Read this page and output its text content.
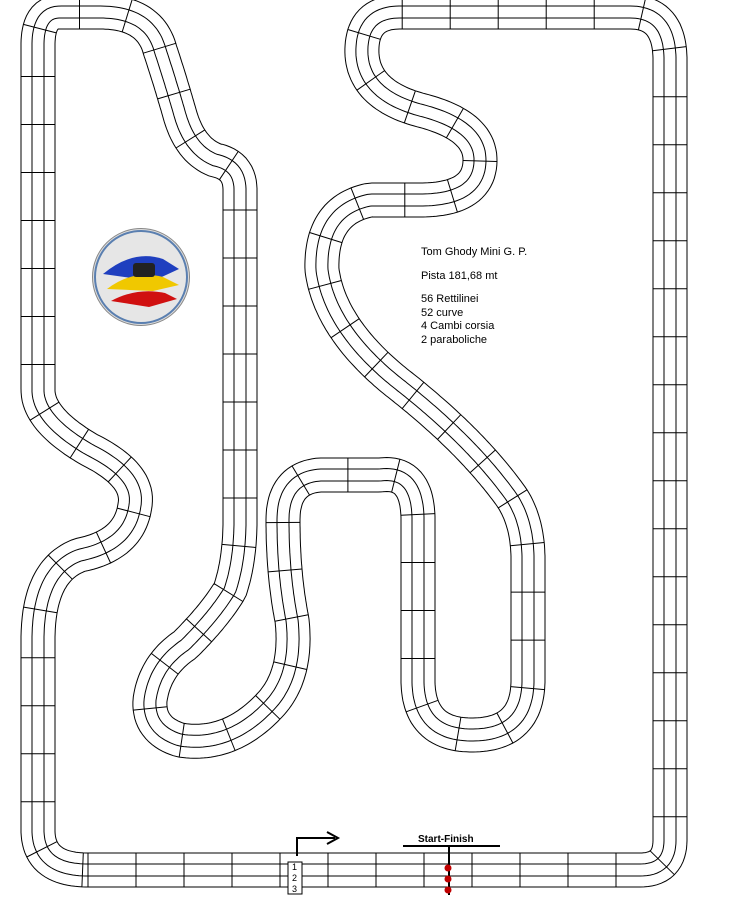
Tom Ghody Mini G. P.
Pista 181,68 mt
56 Rettilinei
52 curve
4 Cambi corsia
2 paraboliche
Start-Finish
1
2
3
